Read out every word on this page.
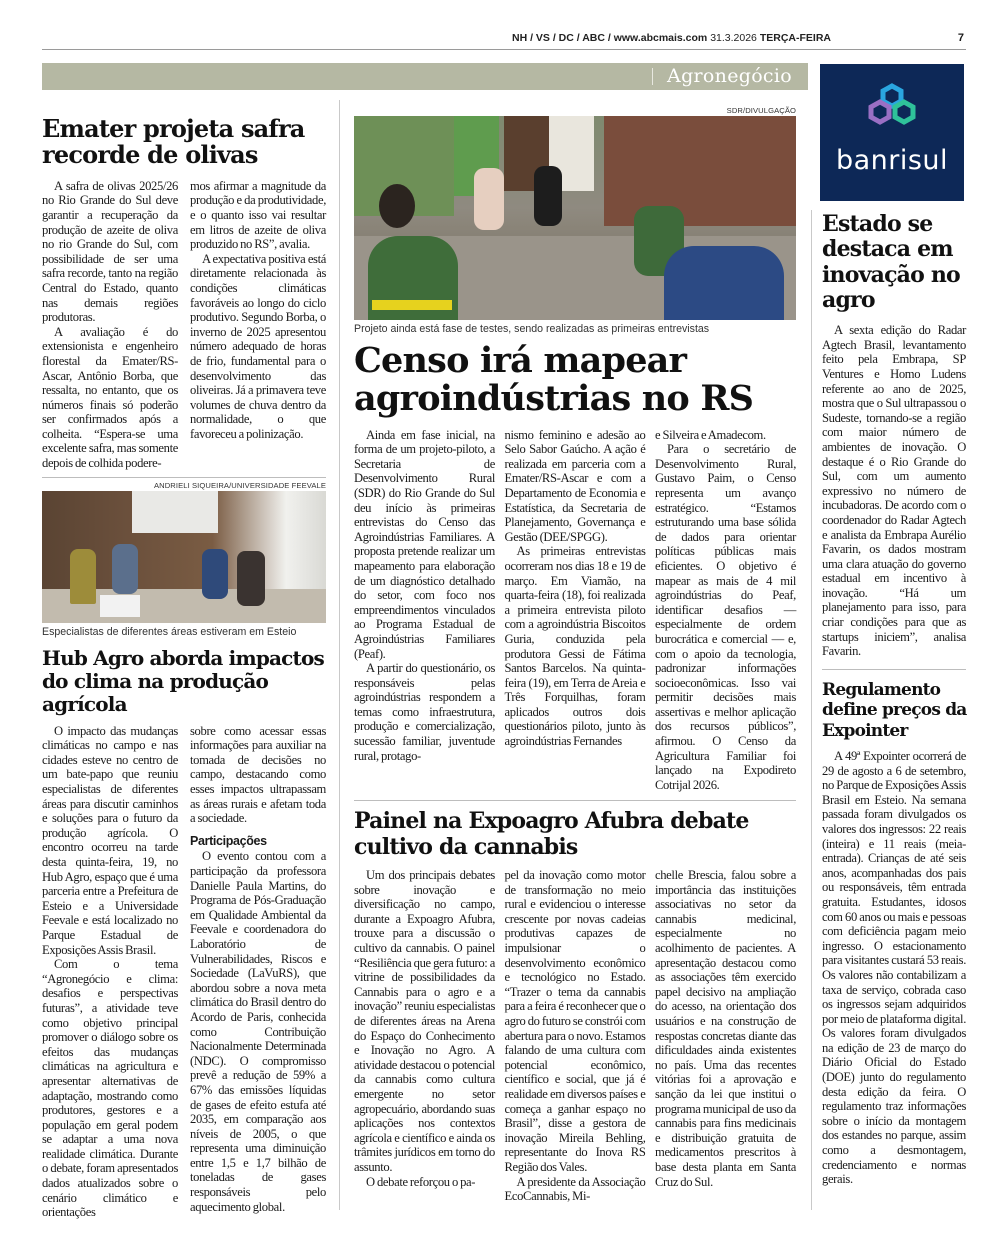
NH / VS / DC / ABC / www.abcmais.com 31.3.2026 TERÇA-FEIRA	7
Agronegócio
banrisul
Emater projeta safra recorde de olivas

A safra de olivas 2025/26 no Rio Grande do Sul deve garantir a recuperação da produção de azeite de oliva no rio Grande do Sul, com possibilidade de ser uma safra recorde, tanto na região Central do Estado, quanto nas demais regiões produtoras.

A avaliação é do extensionista e engenheiro florestal da Emater/RS-Ascar, Antônio Borba, que ressalta, no entanto, que os números finais só poderão ser confirmados após a colheita. “Espera-se uma excelente safra, mas somente depois de colhida podere-

mos afirmar a magnitude da produção e da produtividade, e o quanto isso vai resultar em litros de azeite de oliva produzido no RS”, avalia.

A expectativa positiva está diretamente relacionada às condições climáticas favoráveis ao longo do ciclo produtivo. Segundo Borba, o inverno de 2025 apresentou número adequado de horas de frio, fundamental para o desenvolvimento das oliveiras. Já a primavera teve volumes de chuva dentro da normalidade, o que favoreceu a polinização.

ANDRIELI SIQUEIRA/UNIVERSIDADE FEEVALE
Especialistas de diferentes áreas estiveram em Esteio
Hub Agro aborda impactos do clima na produção agrícola

O impacto das mudanças climáticas no campo e nas cidades esteve no centro de um bate-papo que reuniu especialistas de diferentes áreas para discutir caminhos e soluções para o futuro da produção agrícola. O encontro ocorreu na tarde desta quinta-feira, 19, no Hub Agro, espaço que é uma parceria entre a Prefeitura de Esteio e a Universidade Feevale e está localizado no Parque Estadual de Exposições Assis Brasil.

Com o tema “Agronegócio e clima: desafios e perspectivas futuras”, a atividade teve como objetivo principal promover o diálogo sobre os efeitos das mudanças climáticas na agricultura e apresentar alternativas de adaptação, mostrando como produtores, gestores e a população em geral podem se adaptar a uma nova realidade climática. Durante o debate, foram apresentados dados atualizados sobre o cenário climático e orientações

sobre como acessar essas informações para auxiliar na tomada de decisões no campo, destacando como esses impactos ultrapassam as áreas rurais e afetam toda a sociedade.

Participações

O evento contou com a participação da professora Danielle Paula Martins, do Programa de Pós-Graduação em Qualidade Ambiental da Feevale e coordenadora do Laboratório de Vulnerabilidades, Riscos e Sociedade (LaVuRS), que abordou sobre a nova meta climática do Brasil dentro do Acordo de Paris, conhecida como Contribuição Nacionalmente Determinada (NDC). O compromisso prevê a redução de 59% a 67% das emissões líquidas de gases de efeito estufa até 2035, em comparação aos níveis de 2005, o que representa uma diminuição entre 1,5 e 1,7 bilhão de toneladas de gases responsáveis pelo aquecimento global.

SDR/DIVULGAÇÃO
Projeto ainda está fase de testes, sendo realizadas as primeiras entrevistas
Censo irá mapear agroindústrias no RS

Ainda em fase inicial, na forma de um projeto-piloto, a Secretaria de Desenvolvimento Rural (SDR) do Rio Grande do Sul deu início às primeiras entrevistas do Censo das Agroindústrias Familiares. A proposta pretende realizar um mapeamento para elaboração de um diagnóstico detalhado do setor, com foco nos empreendimentos vinculados ao Programa Estadual de Agroindústrias Familiares (Peaf).

A partir do questionário, os responsáveis pelas agroindústrias respondem a temas como infraestrutura, produção e comercialização, sucessão familiar, juventude rural, protago-

nismo feminino e adesão ao Selo Sabor Gaúcho. A ação é realizada em parceria com a Emater/RS-Ascar e com a Departamento de Economia e Estatística, da Secretaria de Planejamento, Governança e Gestão (DEE/SPGG).

As primeiras entrevistas ocorreram nos dias 18 e 19 de março. Em Viamão, na quarta-feira (18), foi realizada a primeira entrevista piloto com a agroindústria Biscoitos Guria, conduzida pela produtora Gessi de Fátima Santos Barcelos. Na quinta-feira (19), em Terra de Areia e Três Forquilhas, foram aplicados outros dois questionários piloto, junto às agroindústrias Fernandes

e Silveira e Amadecom.

Para o secretário de Desenvolvimento Rural, Gustavo Paim, o Censo representa um avanço estratégico. “Estamos estruturando uma base sólida de dados para orientar políticas públicas mais eficientes. O objetivo é mapear as mais de 4 mil agroindústrias do Peaf, identificar desafios — especialmente de ordem burocrática e comercial — e, com o apoio da tecnologia, padronizar informações socioeconômicas. Isso vai permitir decisões mais assertivas e melhor aplicação dos recursos públicos”, afirmou. O Censo da Agricultura Familiar foi lançado na Expodireto Cotrijal 2026.

Painel na Expoagro Afubra debate cultivo da cannabis

Um dos principais debates sobre inovação e diversificação no campo, durante a Expoagro Afubra, trouxe para a discussão o cultivo da cannabis. O painel “Resiliência que gera futuro: a vitrine de possibilidades da Cannabis para o agro e a inovação” reuniu especialistas de diferentes áreas na Arena do Espaço do Conhecimento e Inovação no Agro. A atividade destacou o potencial da cannabis como cultura emergente no setor agropecuário, abordando suas aplicações nos contextos agrícola e científico e ainda os trâmites jurídicos em torno do assunto.

O debate reforçou o pa-

pel da inovação como motor de transformação no meio rural e evidenciou o interesse crescente por novas cadeias produtivas capazes de impulsionar o desenvolvimento econômico e tecnológico no Estado. “Trazer o tema da cannabis para a feira é reconhecer que o agro do futuro se constrói com abertura para o novo. Estamos falando de uma cultura com potencial econômico, científico e social, que já é realidade em diversos países e começa a ganhar espaço no Brasil”, disse a gestora de inovação Mireila Behling, representante do Inova RS Região dos Vales.

A presidente da Associação EcoCannabis, Mi-

chelle Brescia, falou sobre a importância das instituições associativas no setor da cannabis medicinal, especialmente no acolhimento de pacientes. A apresentação destacou como as associações têm exercido papel decisivo na ampliação do acesso, na orientação dos usuários e na construção de respostas concretas diante das dificuldades ainda existentes no país. Uma das recentes vitórias foi a aprovação e sanção da lei que institui o programa municipal de uso da cannabis para fins medicinais e distribuição gratuita de medicamentos prescritos à base desta planta em Santa Cruz do Sul.

Estado se destaca em inovação no agro

A sexta edição do Radar Agtech Brasil, levantamento feito pela Embrapa, SP Ventures e Homo Ludens referente ao ano de 2025, mostra que o Sul ultrapassou o Sudeste, tornando-se a região com maior número de ambientes de inovação. O destaque é o Rio Grande do Sul, com um aumento expressivo no número de incubadoras. De acordo com o coordenador do Radar Agtech e analista da Embrapa Aurélio Favarin, os dados mostram uma clara atuação do governo estadual em incentivo à inovação. “Há um planejamento para isso, para criar condições para que as startups iniciem”, analisa Favarin.

Regulamento define preços da Expointer

A 49ª Expointer ocorrerá de 29 de agosto a 6 de setembro, no Parque de Exposições Assis Brasil em Esteio. Na semana passada foram divulgados os valores dos ingressos: 22 reais (inteira) e 11 reais (meia-entrada). Crianças de até seis anos, acompanhadas dos pais ou responsáveis, têm entrada gratuita. Estudantes, idosos com 60 anos ou mais e pessoas com deficiência pagam meio ingresso. O estacionamento para visitantes custará 53 reais. Os valores não contabilizam a taxa de serviço, cobrada caso os ingressos sejam adquiridos por meio de plataforma digital. Os valores foram divulgados na edição de 23 de março do Diário Oficial do Estado (DOE) junto do regulamento desta edição da feira. O regulamento traz informações sobre o início da montagem dos estandes no parque, assim como a desmontagem, credenciamento e normas gerais.
